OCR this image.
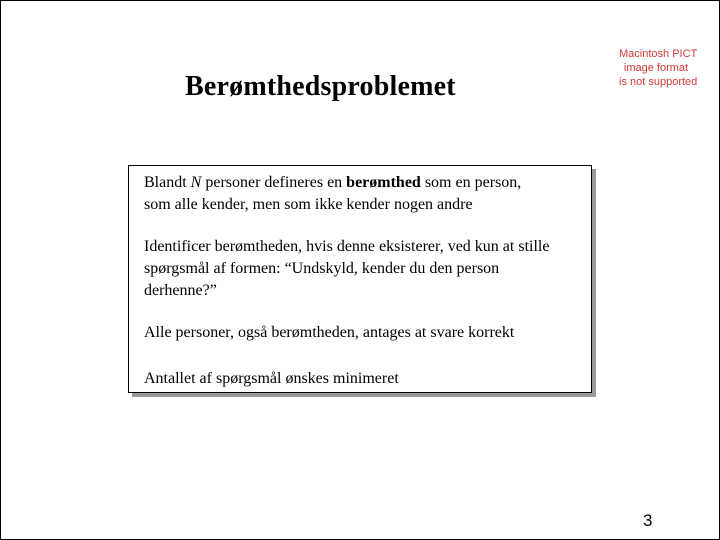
Berømthedsproblemet
Macintosh PICT
image format
is not supported
Blandt N personer defineres en berømthed som en person,
som alle kender, men som ikke kender nogen andre
Identificer berømtheden, hvis denne eksisterer, ved kun at stille
spørgsmål af formen: “Undskyld, kender du den person
derhenne?”
Alle personer, også berømtheden, antages at svare korrekt
Antallet af spørgsmål ønskes minimeret
3
